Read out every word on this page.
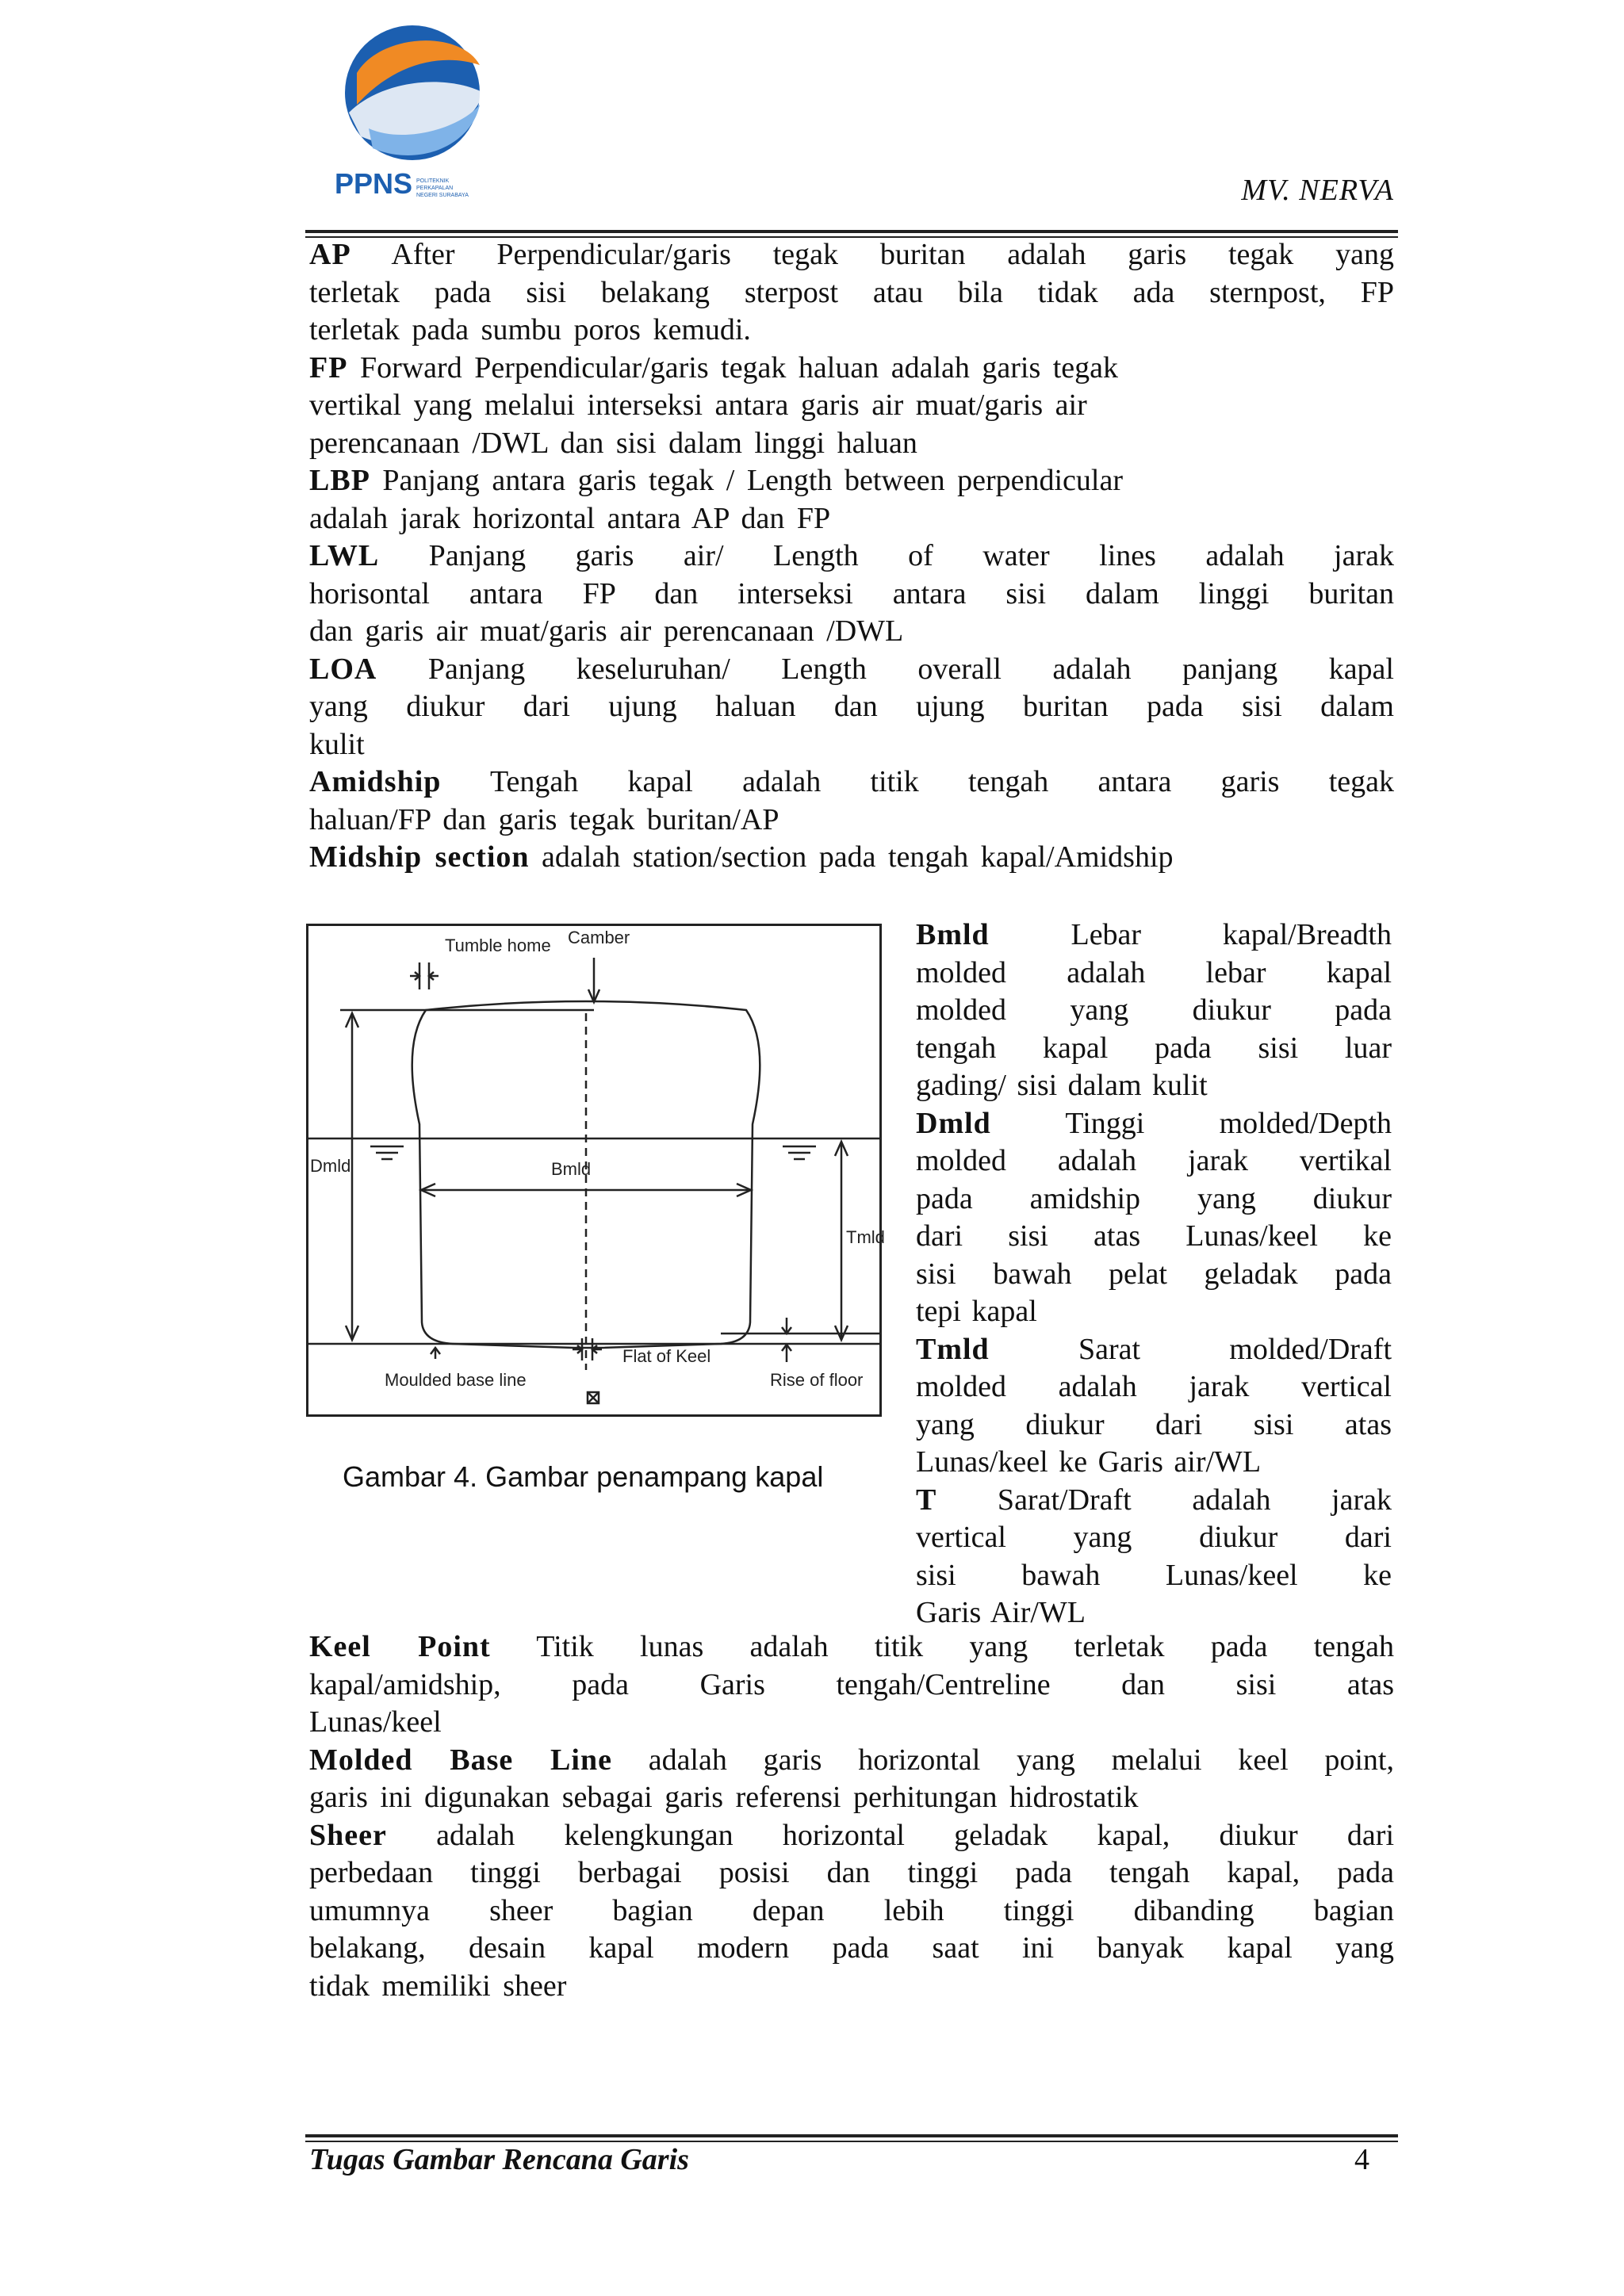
PPNS POLITEKNIK
PERKAPALAN
NEGERI SURABAYA	MV. NERVA
AP After Perpendicular/garis tegak buritan adalah garis tegak yang
terletak pada sisi belakang sterpost atau bila tidak ada sternpost, FP
terletak pada sumbu poros kemudi.
FP Forward Perpendicular/garis tegak haluan adalah garis tegak
vertikal yang melalui interseksi antara garis air muat/garis air
perencanaan /DWL dan sisi dalam linggi haluan
LBP Panjang antara garis tegak / Length between perpendicular
adalah jarak horizontal antara AP dan FP
LWL Panjang garis air/ Length of water lines adalah jarak
horisontal antara FP dan interseksi antara sisi dalam linggi buritan
dan garis air muat/garis air perencanaan /DWL
LOA Panjang keseluruhan/ Length overall adalah panjang kapal
yang diukur dari ujung haluan dan ujung buritan pada sisi dalam
kulit
Amidship Tengah kapal adalah titik tengah antara garis tegak
haluan/FP dan garis tegak buritan/AP
Midship section adalah station/section pada tengah kapal/Amidship
Tumble home Camber
Dmld	Bmld
Tmld
Moulded base line
Flat of Keel
Rise of floor
Gambar 4. Gambar penampang kapal
Bmld Lebar kapal/Breadth
molded adalah lebar kapal
molded yang diukur pada
tengah kapal pada sisi luar
gading/ sisi dalam kulit
Dmld Tinggi molded/Depth
molded adalah jarak vertikal
pada amidship yang diukur
dari sisi atas Lunas/keel ke
sisi bawah pelat geladak pada
tepi kapal
Tmld Sarat molded/Draft
molded adalah jarak vertical
yang diukur dari sisi atas
Lunas/keel ke Garis air/WL
T Sarat/Draft adalah jarak
vertical yang diukur dari
sisi bawah Lunas/keel ke
Garis Air/WL
Keel Point Titik lunas adalah titik yang terletak pada tengah
kapal/amidship, pada Garis tengah/Centreline dan sisi atas
Lunas/keel
Molded Base Line adalah garis horizontal yang melalui keel point,
garis ini digunakan sebagai garis referensi perhitungan hidrostatik
Sheer adalah kelengkungan horizontal geladak kapal, diukur dari
perbedaan tinggi berbagai posisi dan tinggi pada tengah kapal, pada
umumnya sheer bagian depan lebih tinggi dibanding bagian
belakang, desain kapal modern pada saat ini banyak kapal yang
tidak memiliki sheer
Tugas Gambar Rencana Garis	4
